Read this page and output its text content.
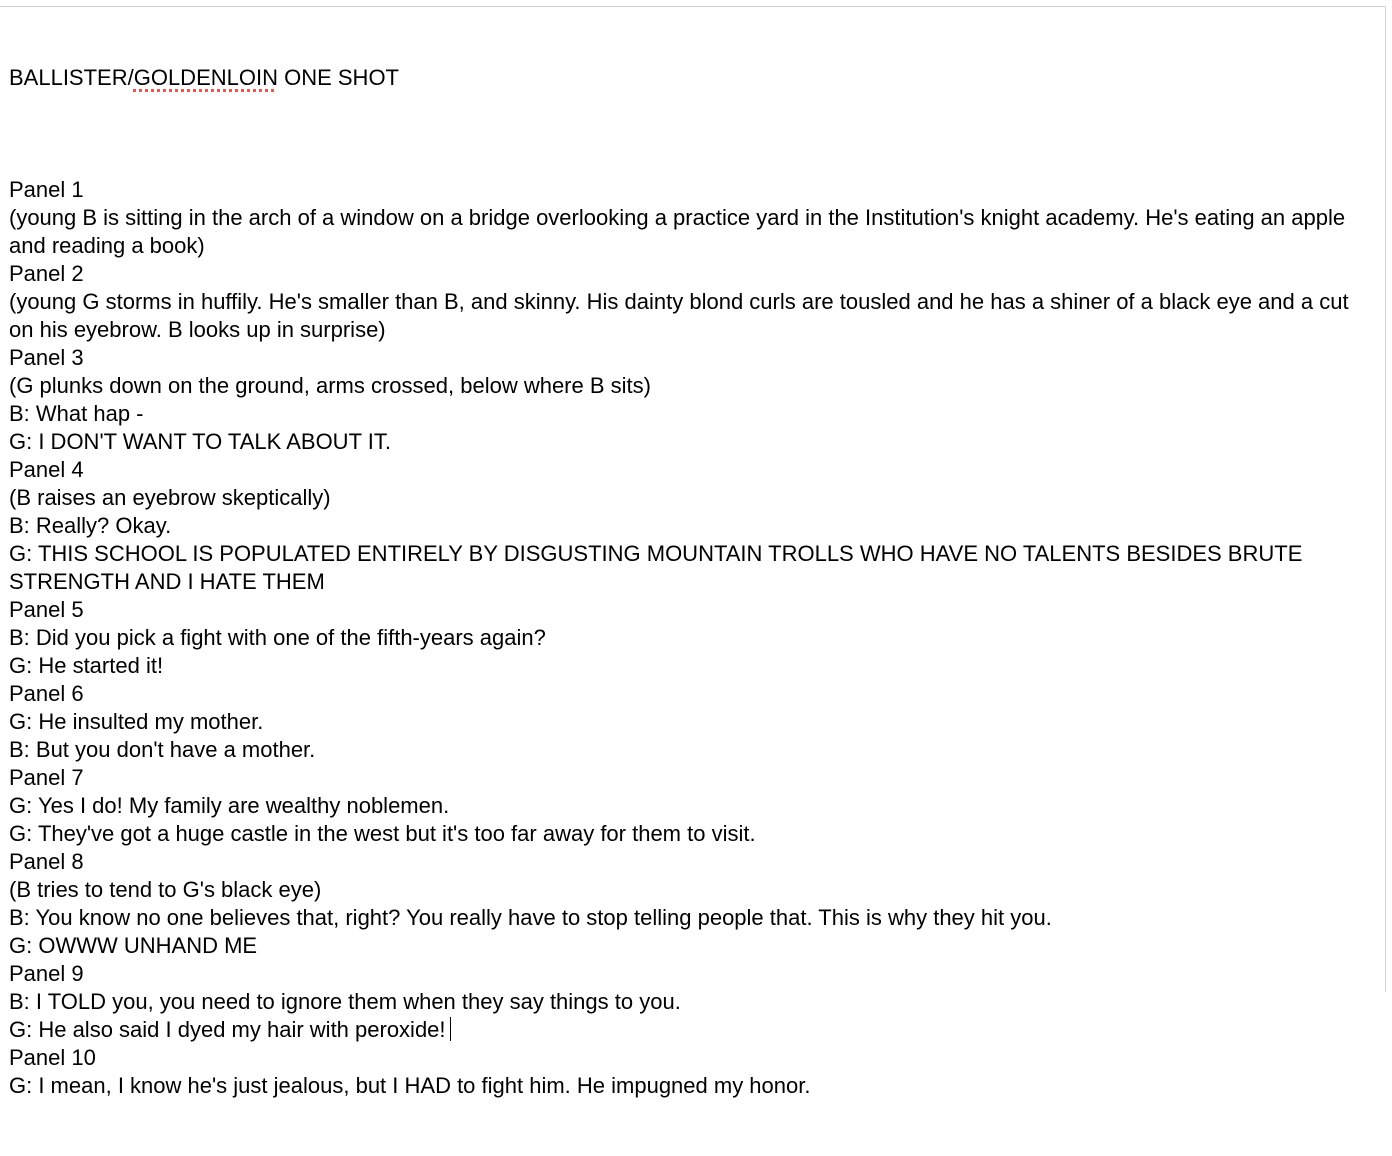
BALLISTER/GOLDENLOIN ONE SHOT

Panel 1
(young B is sitting in the arch of a window on a bridge overlooking a practice yard in the Institution's knight academy. He's eating an apple and reading a book)
Panel 2
(young G storms in huffily. He's smaller than B, and skinny. His dainty blond curls are tousled and he has a shiner of a black eye and a cut on his eyebrow. B looks up in surprise)
Panel 3
(G plunks down on the ground, arms crossed, below where B sits)
B: What hap -
G: I DON'T WANT TO TALK ABOUT IT.
Panel 4
(B raises an eyebrow skeptically)
B: Really? Okay.
G: THIS SCHOOL IS POPULATED ENTIRELY BY DISGUSTING MOUNTAIN TROLLS WHO HAVE NO TALENTS BESIDES BRUTE STRENGTH AND I HATE THEM
Panel 5
B: Did you pick a fight with one of the fifth-years again?
G: He started it!
Panel 6
G: He insulted my mother.
B: But you don't have a mother.
Panel 7
G: Yes I do! My family are wealthy noblemen.
G: They've got a huge castle in the west but it's too far away for them to visit.
Panel 8
(B tries to tend to G's black eye)
B: You know no one believes that, right? You really have to stop telling people that. This is why they hit you.
G: OWWW UNHAND ME
Panel 9
B: I TOLD you, you need to ignore them when they say things to you.
G: He also said I dyed my hair with peroxide!
Panel 10
G: I mean, I know he's just jealous, but I HAD to fight him. He impugned my honor.
